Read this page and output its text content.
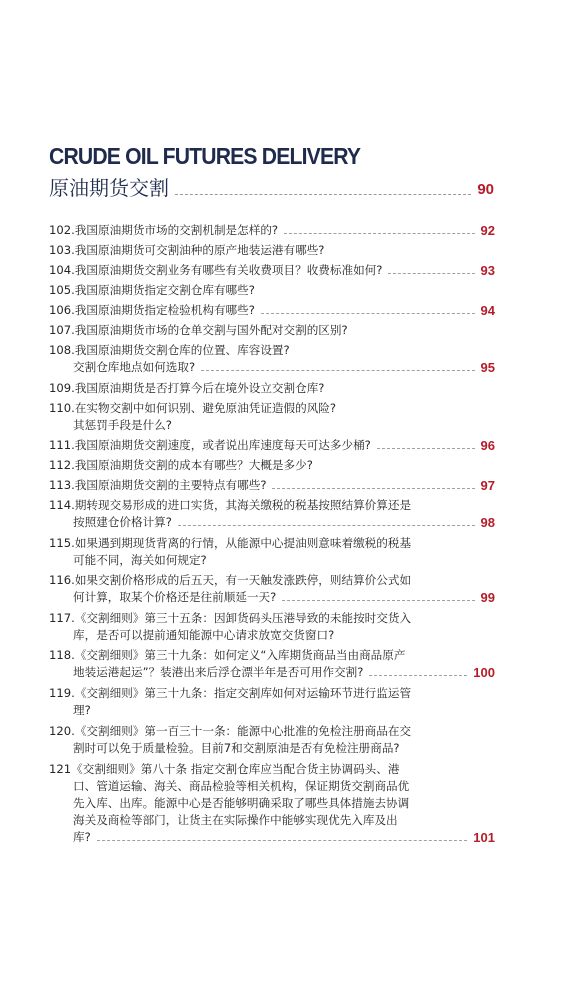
CRUDE OIL FUTURES DELIVERY
原油期货交割	90
102. 我国原油期货市场的交割机制是怎样的?	92
103. 我国原油期货可交割油种的原产地装运港有哪些?
104. 我国原油期货交割业务有哪些有关收费项目？收费标准如何?	93
105. 我国原油期货指定交割仓库有哪些?
106. 我国原油期货指定检验机构有哪些?	94
107. 我国原油期货市场的仓单交割与国外配对交割的区别?
108. 我国原油期货交割仓库的位置、库容设置?
交割仓库地点如何选取?	95
109. 我国原油期货是否打算今后在境外设立交割仓库?
110. 在实物交割中如何识别、避免原油凭证造假的风险?
其惩罚手段是什么?
111. 我国原油期货交割速度，或者说出库速度每天可达多少桶?	96
112. 我国原油期货交割的成本有哪些？大概是多少?
113. 我国原油期货交割的主要特点有哪些?	97
114. 期转现交易形成的进口实货，其海关缴税的税基按照结算价算还是
按照建仓价格计算?	98
115. 如果遇到期现货背离的行情，从能源中心提油则意味着缴税的税基
可能不同，海关如何规定?
116. 如果交割价格形成的后五天，有一天触发涨跌停，则结算价公式如
何计算，取某个价格还是往前顺延一天?	99
117. 《交割细则》第三十五条：因卸货码头压港导致的未能按时交货入
库，是否可以提前通知能源中心请求放宽交货窗口?
118. 《交割细则》第三十九条：如何定义“入库期货商品当由商品原产
地装运港起运”？装港出来后浮仓漂半年是否可用作交割?	100
119. 《交割细则》第三十九条：指定交割库如何对运输环节进行监运管
理?
120. 《交割细则》第一百三十一条：能源中心批准的免检注册商品在交
割时可以免于质量检验。目前7和交割原油是否有免检注册商品?
121 《交割细则》第八十条 指定交割仓库应当配合货主协调码头、港
口、管道运输、海关、商品检验等相关机构，保证期货交割商品优
先入库、出库。能源中心是否能够明确采取了哪些具体措施去协调
海关及商检等部门，让货主在实际操作中能够实现优先入库及出
库?	101
